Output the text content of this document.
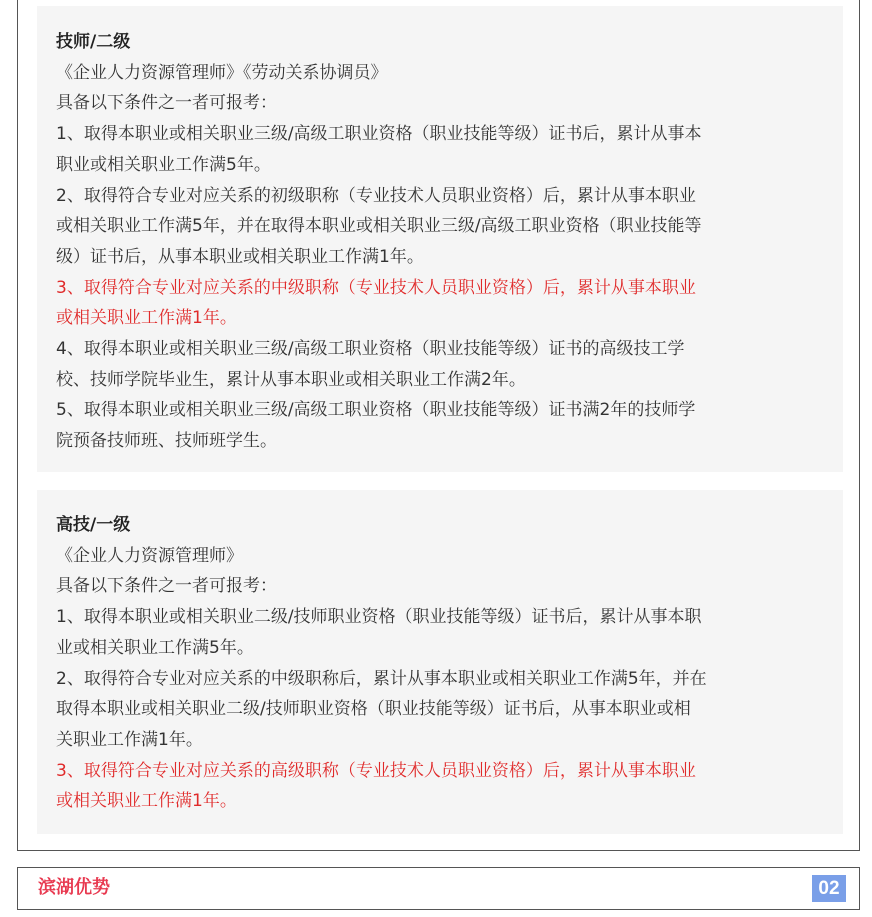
技师/二级

《企业人力资源管理师》《劳动关系协调员》

具备以下条件之一者可报考：

1、取得本职业或相关职业三级/高级工职业资格（职业技能等级）证书后，累计从事本

职业或相关职业工作满5年。

2、取得符合专业对应关系的初级职称（专业技术人员职业资格）后，累计从事本职业

或相关职业工作满5年，并在取得本职业或相关职业三级/高级工职业资格（职业技能等

级）证书后，从事本职业或相关职业工作满1年。

3、取得符合专业对应关系的中级职称（专业技术人员职业资格）后，累计从事本职业

或相关职业工作满1年。

4、取得本职业或相关职业三级/高级工职业资格（职业技能等级）证书的高级技工学

校、技师学院毕业生，累计从事本职业或相关职业工作满2年。

5、取得本职业或相关职业三级/高级工职业资格（职业技能等级）证书满2年的技师学

院预备技师班、技师班学生。

高技/一级

《企业人力资源管理师》

具备以下条件之一者可报考：

1、取得本职业或相关职业二级/技师职业资格（职业技能等级）证书后，累计从事本职

业或相关职业工作满5年。

2、取得符合专业对应关系的中级职称后，累计从事本职业或相关职业工作满5年，并在

取得本职业或相关职业二级/技师职业资格（职业技能等级）证书后，从事本职业或相

关职业工作满1年。

3、取得符合专业对应关系的高级职称（专业技术人员职业资格）后，累计从事本职业

或相关职业工作满1年。

滨湖优势	02
